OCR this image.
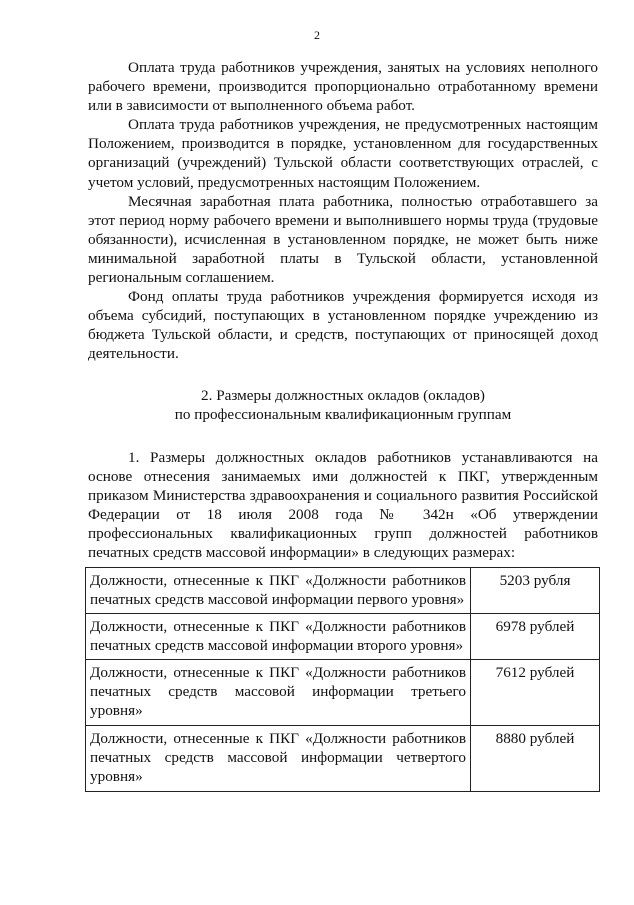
2

Оплата труда работников учреждения, занятых на условиях неполного рабочего времени, производится пропорционально отработанному времени или в зависимости от выполненного объема работ.

Оплата труда работников учреждения, не предусмотренных настоящим Положением, производится в порядке, установленном для государственных организаций (учреждений) Тульской области соответствующих отраслей, с учетом условий, предусмотренных настоящим Положением.

Месячная заработная плата работника, полностью отработавшего за этот период норму рабочего времени и выполнившего нормы труда (трудовые обязанности), исчисленная в установленном порядке, не может быть ниже минимальной заработной платы в Тульской области, установленной региональным соглашением.

Фонд оплаты труда работников учреждения формируется исходя из объема субсидий, поступающих в установленном порядке учреждению из бюджета Тульской области, и средств, поступающих от приносящей доход деятельности.

2. Размеры должностных окладов (окладов)
по профессиональным квалификационным группам

1. Размеры должностных окладов работников устанавливаются на основе отнесения занимаемых ими должностей к ПКГ, утвержденным приказом Министерства здравоохранения и социального развития Российской Федерации от 18 июля 2008 года № 342н «Об утверждении профессиональных квалификационных групп должностей работников печатных средств массовой информации» в следующих размерах:

Должности, отнесенные к ПКГ «Должности работников печатных средств массовой информации первого уровня»	5203 рубля
Должности, отнесенные к ПКГ «Должности работников печатных средств массовой информации второго уровня»	6978 рублей
Должности, отнесенные к ПКГ «Должности работников печатных средств массовой информации третьего уровня»	7612 рублей
Должности, отнесенные к ПКГ «Должности работников печатных средств массовой информации четвертого уровня»	8880 рублей
